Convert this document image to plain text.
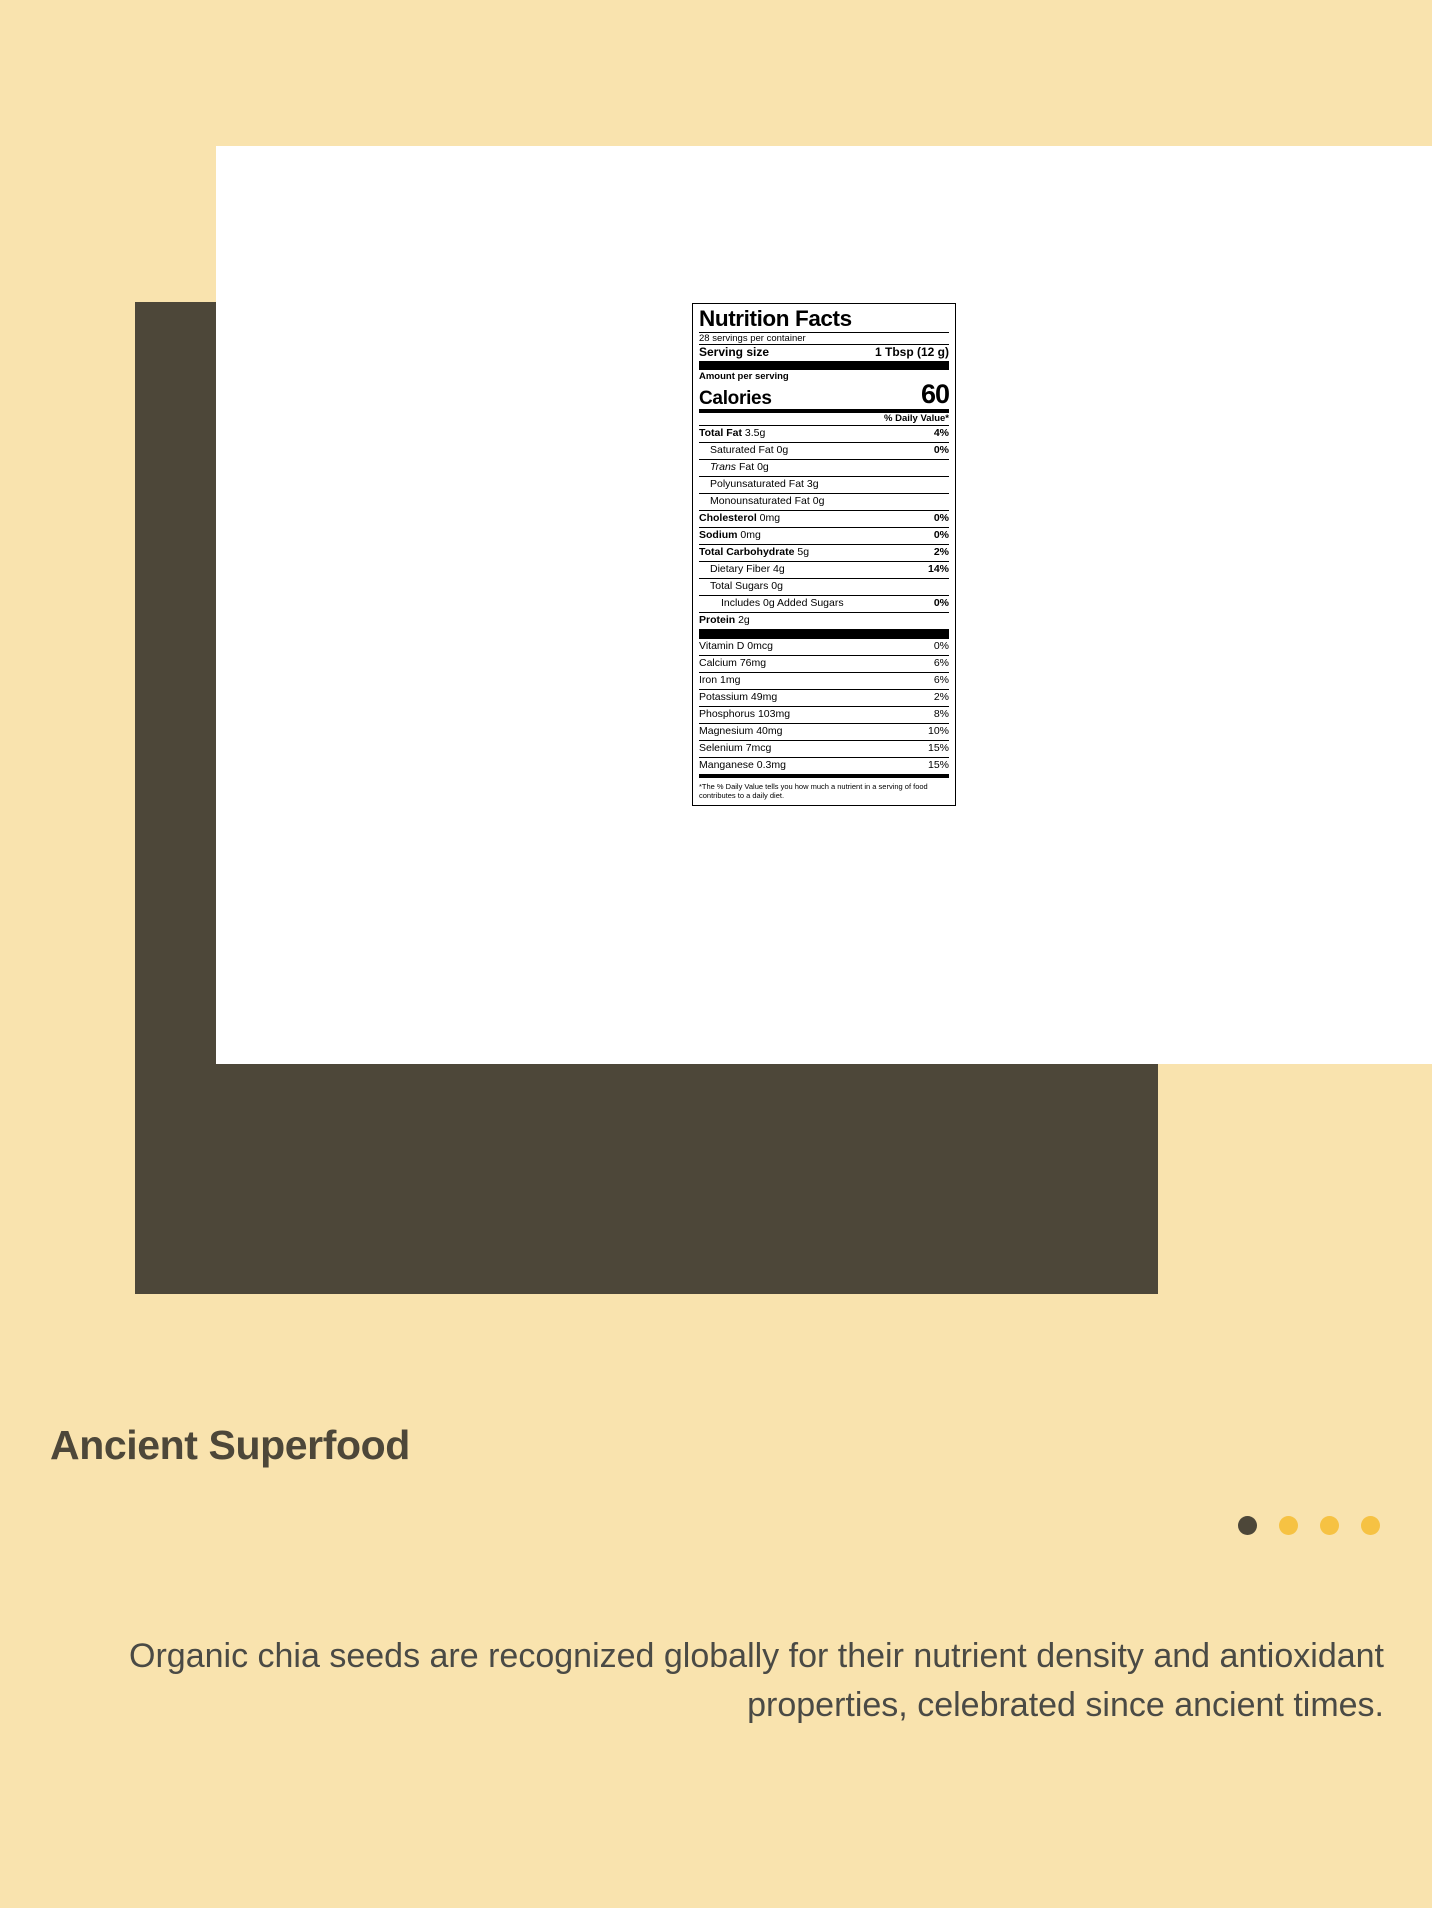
Nutrition Facts
28 servings per container
Serving size	1 Tbsp (12 g)
Amount per serving
Calories	60
% Daily Value*
Total Fat 3.5g	4%
Saturated Fat 0g	0%
Trans Fat 0g
Polyunsaturated Fat 3g
Monounsaturated Fat 0g
Cholesterol 0mg	0%
Sodium 0mg	0%
Total Carbohydrate 5g	2%
Dietary Fiber 4g	14%
Total Sugars 0g
Includes 0g Added Sugars	0%
Protein 2g
Vitamin D 0mcg	0%
Calcium 76mg	6%
Iron 1mg	6%
Potassium 49mg	2%
Phosphorus 103mg	8%
Magnesium 40mg	10%
Selenium 7mcg	15%
Manganese 0.3mg	15%
*The % Daily Value tells you how much a nutrient in a serving of food contributes to a daily diet.
Ancient Superfood
Organic chia seeds are recognized globally for their nutrient density and antioxidant properties, celebrated since ancient times.
